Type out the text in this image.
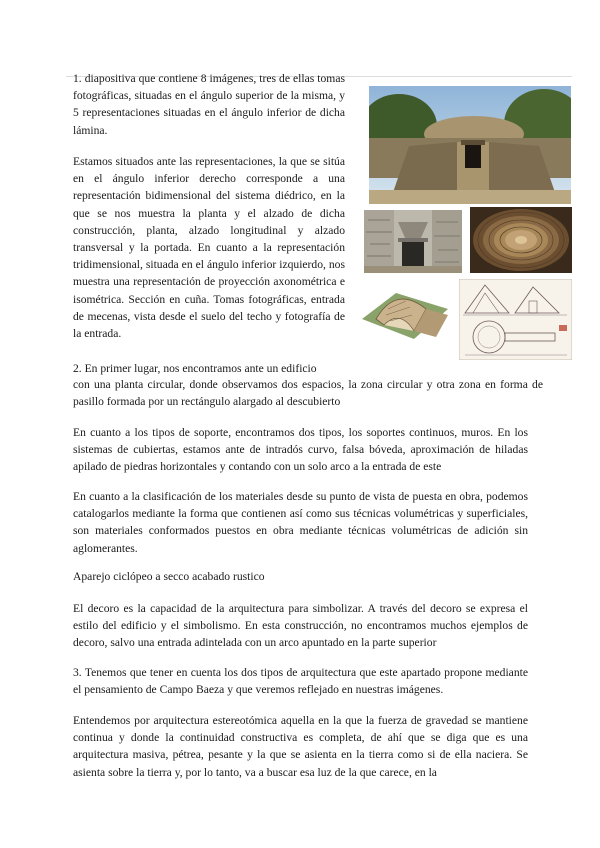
1. diapositiva que contiene 8 imágenes, tres de ellas tomas fotográficas, situadas en el ángulo superior de la misma, y 5 representaciones situadas en el ángulo inferior de dicha lámina.

Estamos situados ante las representaciones, la que se sitúa en el ángulo inferior derecho corresponde a una representación bidimensional del sistema diédrico, en la que se nos muestra la planta y el alzado de dicha construcción, planta, alzado longitudinal y alzado transversal y la portada. En cuanto a la representación tridimensional, situada en el ángulo inferior izquierdo, nos muestra una representación de proyección axonométrica e isométrica. Sección en cuña. Tomas fotográficas, entrada de mecenas, vista desde el suelo del techo y fotografía de la entrada.

2. En primer lugar, nos encontramos ante un edificio

con una planta circular, donde observamos dos espacios, la zona circular y otra zona en forma de pasillo formada por un rectángulo alargado al descubierto

En cuanto a los tipos de soporte, encontramos dos tipos, los soportes continuos, muros. En los sistemas de cubiertas, estamos ante de intradós curvo, falsa bóveda, aproximación de hiladas apilado de piedras horizontales y contando con un solo arco a la entrada de este

En cuanto a la clasificación de los materiales desde su punto de vista de puesta en obra, podemos catalogarlos mediante la forma que contienen así como sus técnicas volumétricas y superficiales, son materiales conformados puestos en obra mediante técnicas volumétricas de adición sin aglomerantes.

Aparejo ciclópeo a secco acabado rustico

El decoro es la capacidad de la arquitectura para simbolizar. A través del decoro se expresa el estilo del edificio y el simbolismo. En esta construcción, no encontramos muchos ejemplos de decoro, salvo una entrada adintelada con un arco apuntado en la parte superior

3. Tenemos que tener en cuenta los dos tipos de arquitectura que este apartado propone mediante el pensamiento de Campo Baeza y que veremos reflejado en nuestras imágenes.

Entendemos por arquitectura estereotómica aquella en la que la fuerza de gravedad se mantiene continua y donde la continuidad constructiva es completa, de ahí que se diga que es una arquitectura masiva, pétrea, pesante y la que se asienta en la tierra como si de ella naciera. Se asienta sobre la tierra y, por lo tanto, va a buscar esa luz de la que carece, en la
